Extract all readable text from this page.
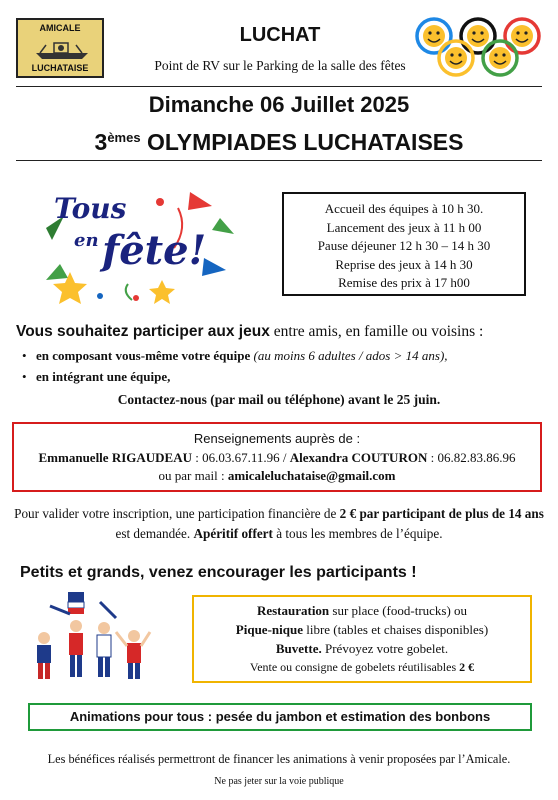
AMICALE
LUCHATAISE
LUCHAT
Point de RV sur le Parking de la salle des fêtes
Dimanche 06 Juillet 2025
3èmes OLYMPIADES LUCHATAISES
Tous
en fête!
Accueil des équipes à 10 h 30.
Lancement des jeux à 11 h 00
Pause déjeuner 12 h 30 – 14 h 30
Reprise des jeux à 14 h 30
Remise des prix à 17 h00
Vous souhaitez participer aux jeux entre amis, en famille ou voisins :
• en composant vous-même votre équipe (au moins 6 adultes / ados > 14 ans),
• en intégrant une équipe,
Contactez-nous (par mail ou téléphone) avant le 25 juin.
Renseignements auprès de :
Emmanuelle RIGAUDEAU : 06.03.67.11.96 / Alexandra COUTURON : 06.82.83.86.96
ou par mail : amicaleluchataise@gmail.com
Pour valider votre inscription, une participation financière de 2 € par participant de plus de 14 ans est demandée. Apéritif offert à tous les membres de l’équipe.
Petits et grands, venez encourager les participants !
Restauration sur place (food-trucks) ou
Pique-nique libre (tables et chaises disponibles)
Buvette. Prévoyez votre gobelet.
Vente ou consigne de gobelets réutilisables 2 €
Animations pour tous : pesée du jambon et estimation des bonbons
Les bénéfices réalisés permettront de financer les animations à venir proposées par l’Amicale.
Ne pas jeter sur la voie publique
